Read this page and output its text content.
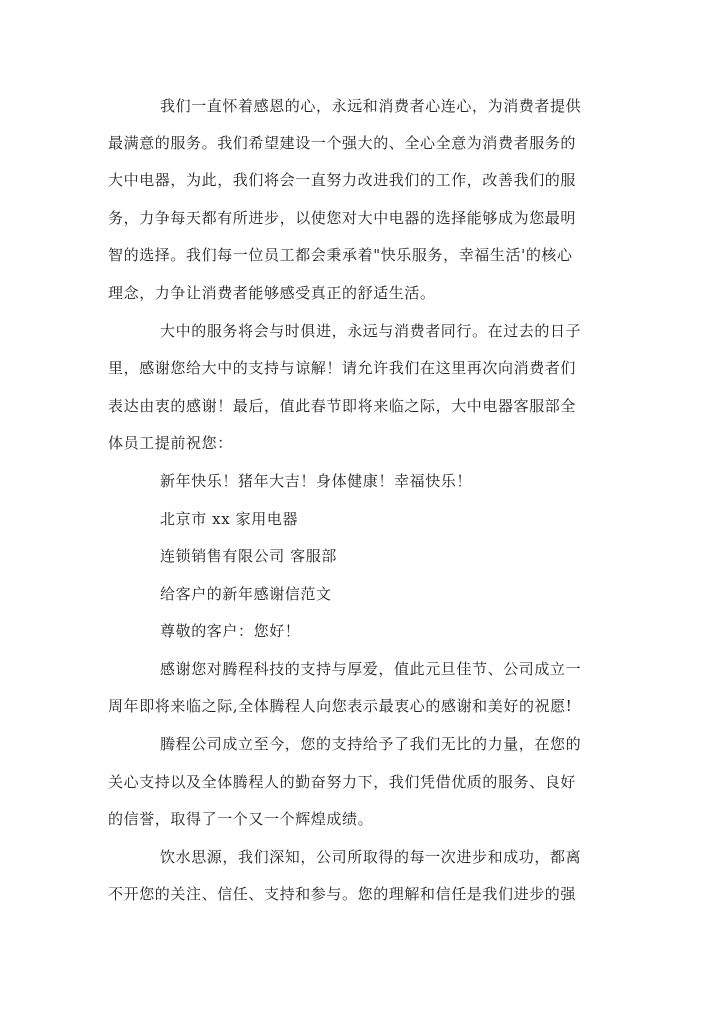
我们一直怀着感恩的心，永远和消费者心连心，为消费者提供
最满意的服务。我们希望建设一个强大的、全心全意为消费者服务的
大中电器，为此，我们将会一直努力改进我们的工作，改善我们的服
务，力争每天都有所进步，以使您对大中电器的选择能够成为您最明
智的选择。我们每一位员工都会秉承着"快乐服务，幸福生活'的核心
理念，力争让消费者能够感受真正的舒适生活。
大中的服务将会与时俱进，永远与消费者同行。在过去的日子
里，感谢您给大中的支持与谅解！请允许我们在这里再次向消费者们
表达由衷的感谢！最后，值此春节即将来临之际，大中电器客服部全
体员工提前祝您：
新年快乐！猪年大吉！身体健康！幸福快乐！
北京市 xx 家用电器
连锁销售有限公司 客服部
给客户的新年感谢信范文
尊敬的客户：您好！
感谢您对腾程科技的支持与厚爱，值此元旦佳节、公司成立一
周年即将来临之际,全体腾程人向您表示最衷心的感谢和美好的祝愿!
腾程公司成立至今，您的支持给予了我们无比的力量，在您的
关心支持以及全体腾程人的勤奋努力下，我们凭借优质的服务、良好
的信誉，取得了一个又一个辉煌成绩。
饮水思源，我们深知，公司所取得的每一次进步和成功，都离
不开您的关注、信任、支持和参与。您的理解和信任是我们进步的强
